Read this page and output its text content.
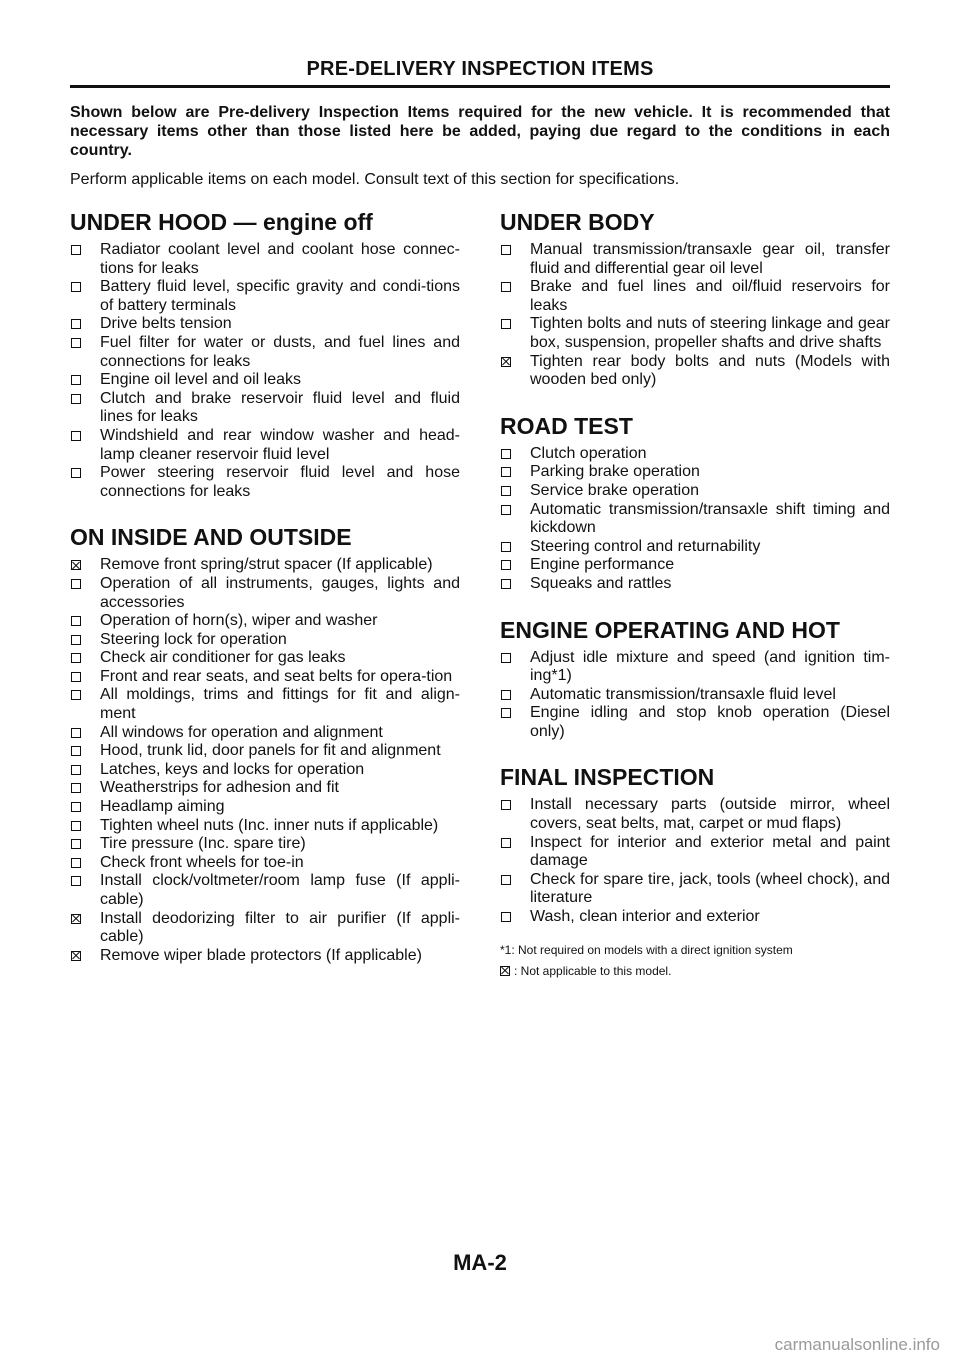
PRE-DELIVERY INSPECTION ITEMS

Shown below are Pre-delivery Inspection Items required for the new vehicle. It is recommended that necessary items other than those listed here be added, paying due regard to the conditions in each country.

Perform applicable items on each model. Consult text of this section for specifications.

UNDER HOOD — engine off
Radiator coolant level and coolant hose connec-tions for leaks
Battery fluid level, specific gravity and condi-tions of battery terminals
Drive belts tension
Fuel filter for water or dusts, and fuel lines and connections for leaks
Engine oil level and oil leaks
Clutch and brake reservoir fluid level and fluid lines for leaks
Windshield and rear window washer and head-lamp cleaner reservoir fluid level
Power steering reservoir fluid level and hose connections for leaks
ON INSIDE AND OUTSIDE
Remove front spring/strut spacer (If applicable)
Operation of all instruments, gauges, lights and accessories
Operation of horn(s), wiper and washer
Steering lock for operation
Check air conditioner for gas leaks
Front and rear seats, and seat belts for opera-tion
All moldings, trims and fittings for fit and align-ment
All windows for operation and alignment
Hood, trunk lid, door panels for fit and alignment
Latches, keys and locks for operation
Weatherstrips for adhesion and fit
Headlamp aiming
Tighten wheel nuts (Inc. inner nuts if applicable)
Tire pressure (Inc. spare tire)
Check front wheels for toe-in
Install clock/voltmeter/room lamp fuse (If appli-cable)
Install deodorizing filter to air purifier (If appli-cable)
Remove wiper blade protectors (If applicable)
UNDER BODY
Manual transmission/transaxle gear oil, transfer fluid and differential gear oil level
Brake and fuel lines and oil/fluid reservoirs for leaks
Tighten bolts and nuts of steering linkage and gear box, suspension, propeller shafts and drive shafts
Tighten rear body bolts and nuts (Models with wooden bed only)
ROAD TEST
Clutch operation
Parking brake operation
Service brake operation
Automatic transmission/transaxle shift timing and kickdown
Steering control and returnability
Engine performance
Squeaks and rattles
ENGINE OPERATING AND HOT
Adjust idle mixture and speed (and ignition tim-ing*1)
Automatic transmission/transaxle fluid level
Engine idling and stop knob operation (Diesel only)
FINAL INSPECTION
Install necessary parts (outside mirror, wheel covers, seat belts, mat, carpet or mud flaps)
Inspect for interior and exterior metal and paint damage
Check for spare tire, jack, tools (wheel chock), and literature
Wash, clean interior and exterior

*1: Not required on models with a direct ignition system

: Not applicable to this model.
MA-2
carmanualsonline.info
